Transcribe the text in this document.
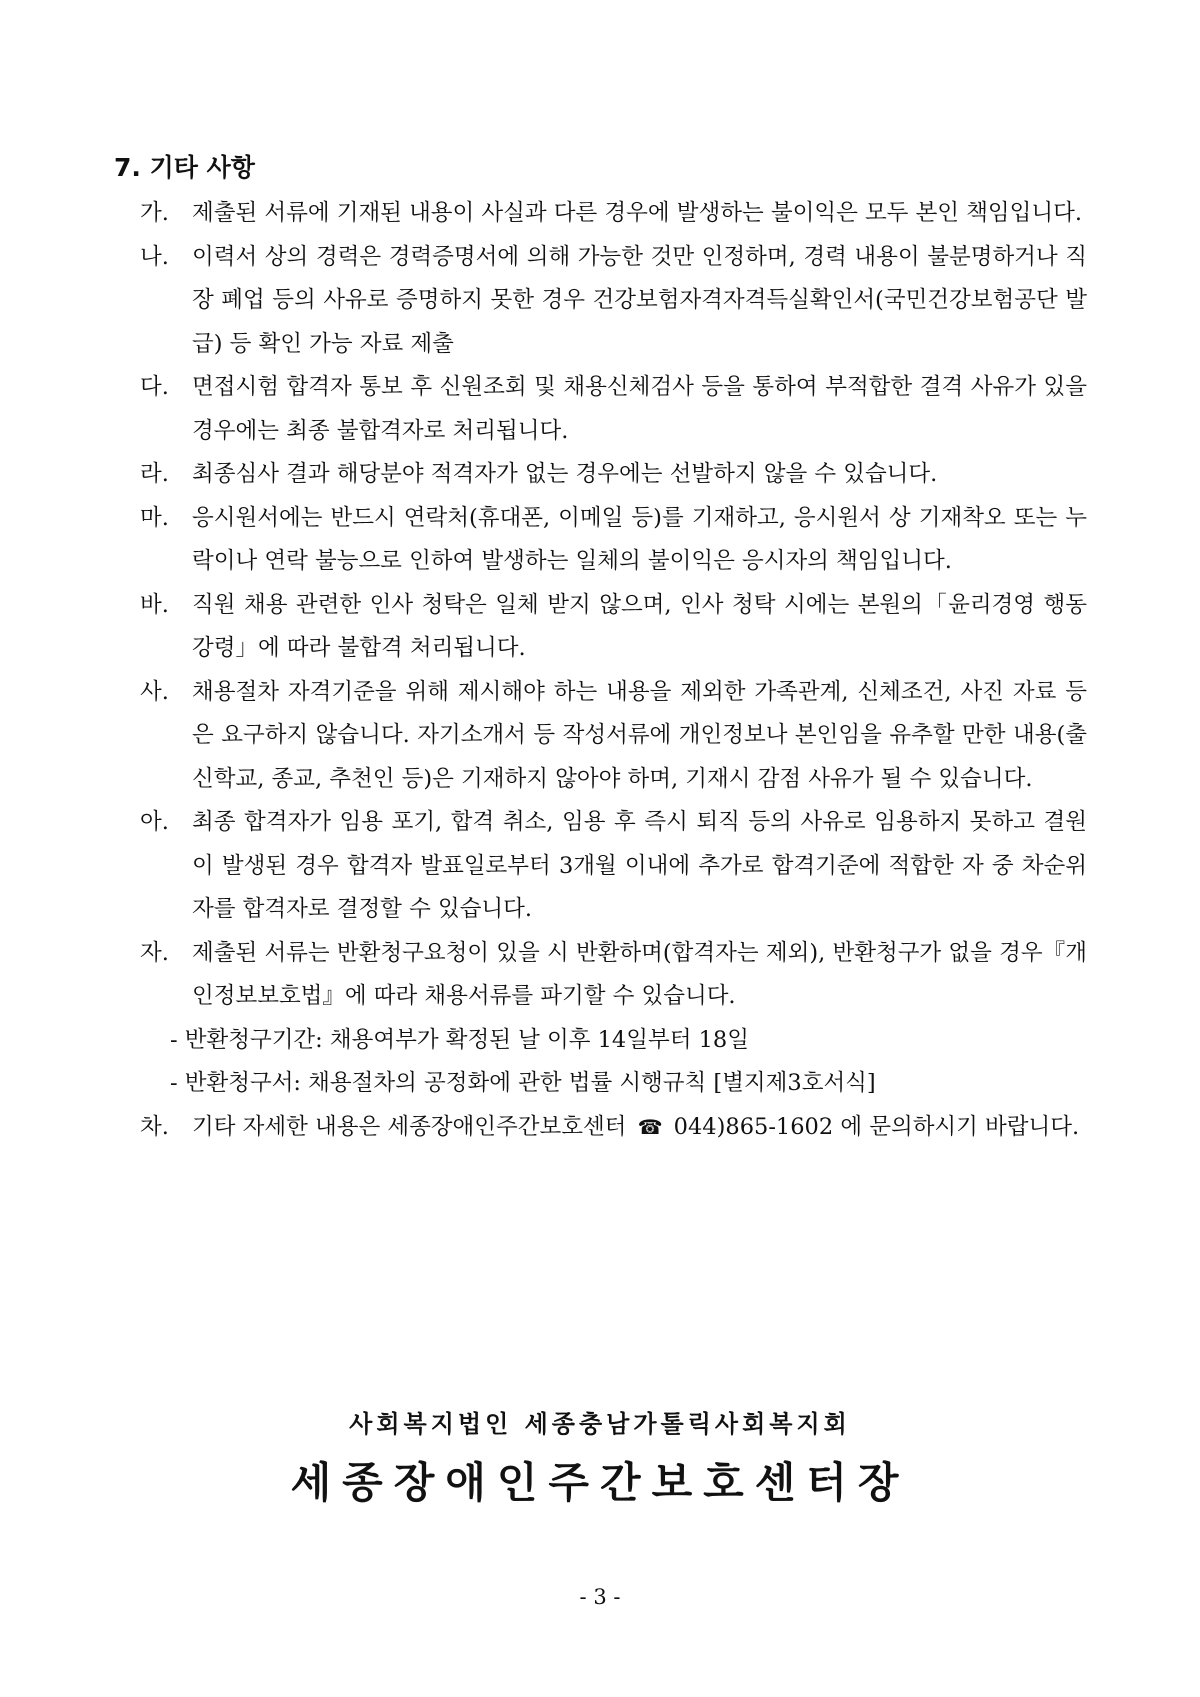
7. 기타 사항
가.	제출된 서류에 기재된 내용이 사실과 다른 경우에 발생하는 불이익은 모두 본인 책임입니다.
나.	이력서 상의 경력은 경력증명서에 의해 가능한 것만 인정하며, 경력 내용이 불분명하거나 직장 폐업 등의 사유로 증명하지 못한 경우 건강보험자격자격득실확인서(국민건강보험공단 발급) 등 확인 가능 자료 제출
다.	면접시험 합격자 통보 후 신원조회 및 채용신체검사 등을 통하여 부적합한 결격 사유가 있을 경우에는 최종 불합격자로 처리됩니다.
라.	최종심사 결과 해당분야 적격자가 없는 경우에는 선발하지 않을 수 있습니다.
마.	응시원서에는 반드시 연락처(휴대폰, 이메일 등)를 기재하고, 응시원서 상 기재착오 또는 누락이나 연락 불능으로 인하여 발생하는 일체의 불이익은 응시자의 책임입니다.
바.	직원 채용 관련한 인사 청탁은 일체 받지 않으며, 인사 청탁 시에는 본원의「윤리경영 행동강령」에 따라 불합격 처리됩니다.
사.	채용절차 자격기준을 위해 제시해야 하는 내용을 제외한 가족관계, 신체조건, 사진 자료 등은 요구하지 않습니다. 자기소개서 등 작성서류에 개인정보나 본인임을 유추할 만한 내용(출신학교, 종교, 추천인 등)은 기재하지 않아야 하며, 기재시 감점 사유가 될 수 있습니다.
아.	최종 합격자가 임용 포기, 합격 취소, 임용 후 즉시 퇴직 등의 사유로 임용하지 못하고 결원이 발생된 경우 합격자 발표일로부터 3개월 이내에 추가로 합격기준에 적합한 자 중 차순위자를 합격자로 결정할 수 있습니다.
자.	제출된 서류는 반환청구요청이 있을 시 반환하며(합격자는 제외), 반환청구가 없을 경우『개인정보보호법』에 따라 채용서류를 파기할 수 있습니다.
- 반환청구기간: 채용여부가 확정된 날 이후 14일부터 18일
- 반환청구서: 채용절차의 공정화에 관한 법률 시행규칙 [별지제3호서식]
차.	기타 자세한 내용은 세종장애인주간보호센터 ☎ 044)865-1602 에 문의하시기 바랍니다.
사회복지법인 세종충남가톨릭사회복지회
세종장애인주간보호센터장
- 3 -
